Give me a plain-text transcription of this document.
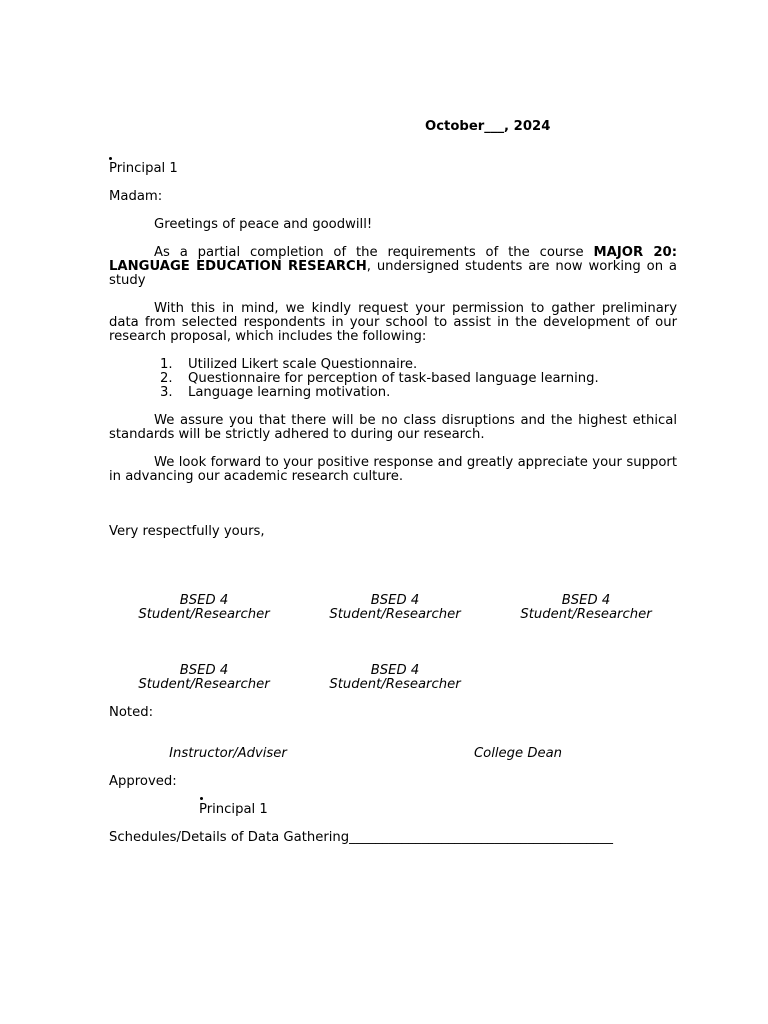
October___, 2024
Principal 1
Madam:
Greetings of peace and goodwill!
As a partial completion of the requirements of the course MAJOR 20: LANGUAGE EDUCATION RESEARCH, undersigned students are now working on a study
With this in mind, we kindly request your permission to gather preliminary data from selected respondents in your school to assist in the development of our research proposal, which includes the following:
1.	Utilized Likert scale Questionnaire.
2.	Questionnaire for perception of task-based language learning.
3.	Language learning motivation.
We assure you that there will be no class disruptions and the highest ethical standards will be strictly adhered to during our research.
We look forward to your positive response and greatly appreciate your support in advancing our academic research culture.
Very respectfully yours,
BSED 4
Student/Researcher
BSED 4
Student/Researcher
BSED 4
Student/Researcher
BSED 4
Student/Researcher
BSED 4
Student/Researcher
Noted:
Instructor/Adviser	College Dean
Approved:
Principal 1
Schedules/Details of Data Gathering________________________________________
